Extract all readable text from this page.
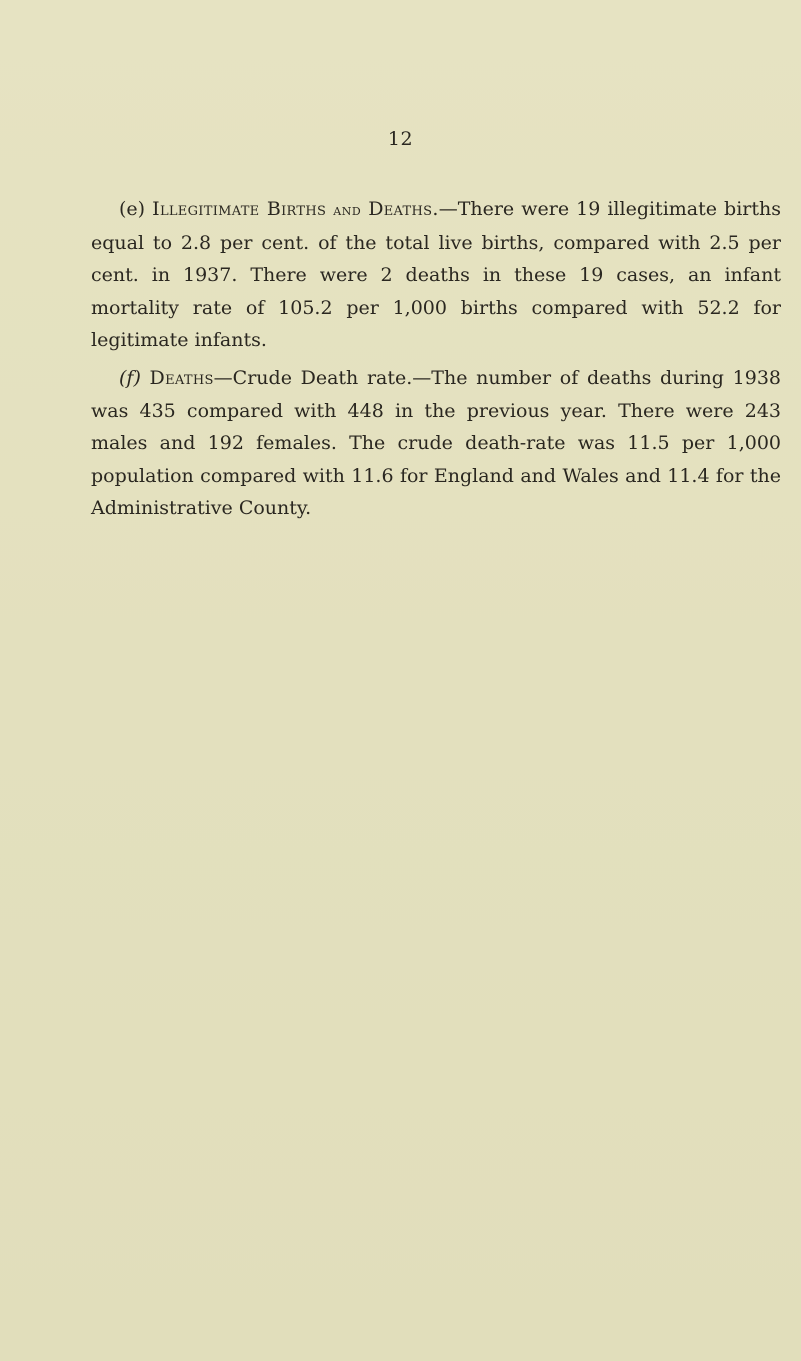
12

(e) Illegitimate Births and Deaths.—There were 19 illegitimate births equal to 2.8 per cent. of the total live births, compared with 2.5 per cent. in 1937. There were 2 deaths in these 19 cases, an infant mortality rate of 105.2 per 1,000 births compared with 52.2 for legitimate infants.

(f) Deaths—Crude Death rate.—The number of deaths during 1938 was 435 compared with 448 in the previous year. There were 243 males and 192 females. The crude death-rate was 11.5 per 1,000 population compared with 11.6 for England and Wales and 11.4 for the Administrative County.
